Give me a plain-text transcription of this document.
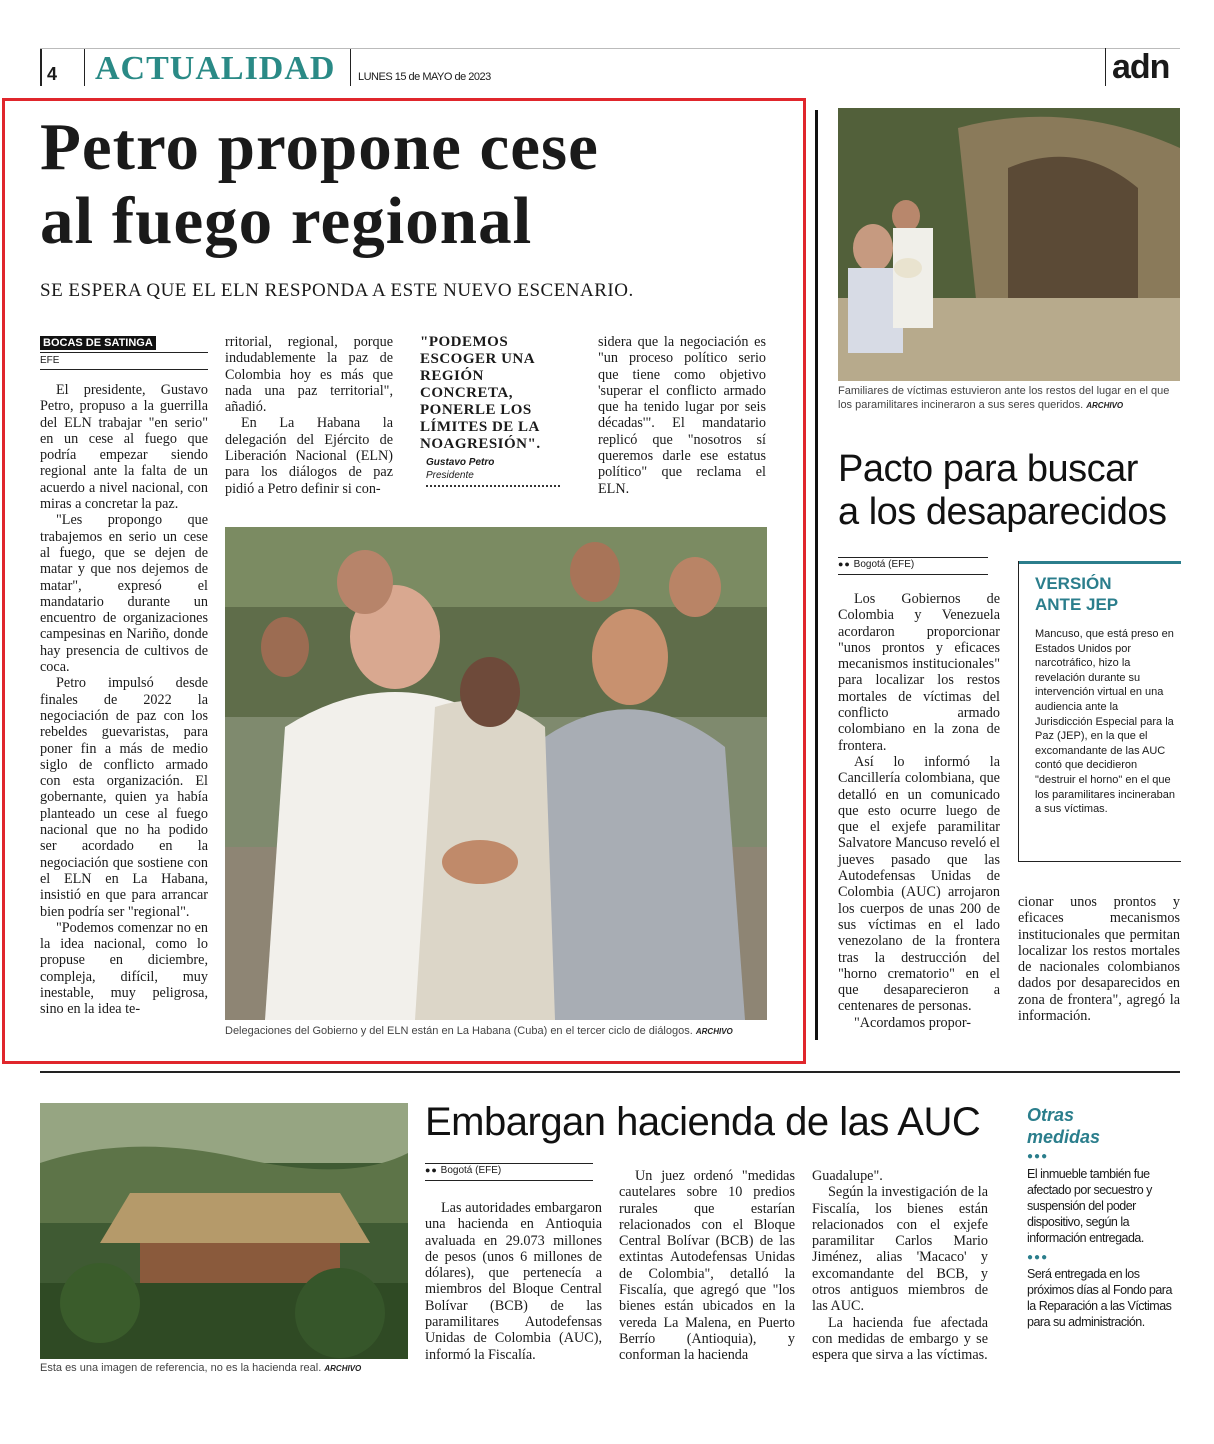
4 ACTUALIDAD LUNES 15 de MAYO de 2023	adn
Petro propone cese
al fuego regional
SE ESPERA QUE EL ELN RESPONDA A ESTE NUEVO ESCENARIO.
BOCAS DE SATINGA
EFE

El presidente, Gustavo Petro, propuso a la guerrilla del ELN trabajar "en serio" en un cese al fuego que podría empezar siendo regional ante la falta de un acuerdo a nivel nacional, con miras a concretar la paz.

"Les propongo que trabajemos en serio un cese al fuego, que se dejen de matar y que nos dejemos de matar", expresó el mandatario durante un encuentro de organizaciones campesinas en Nariño, donde hay presencia de cultivos de coca.

Petro impulsó desde finales de 2022 la negociación de paz con los rebeldes guevaristas, para poner fin a más de medio siglo de conflicto armado con esta organización. El gobernante, quien ya había planteado un cese al fuego nacional que no ha podido ser acordado en la negociación que sostiene con el ELN en La Habana, insistió en que para arrancar bien podría ser "regional".

"Podemos comenzar no en la idea nacional, como lo propuse en diciembre, compleja, difícil, muy inestable, muy peligrosa, sino en la idea te-

rritorial, regional, porque indudablemente la paz de Colombia hoy es más que nada una paz territorial", añadió.

En La Habana la delegación del Ejército de Liberación Nacional (ELN) para los diálogos de paz pidió a Petro definir si con-

"PODEMOS ESCOGER UNA REGIÓN CONCRETA, PONERLE LOS LÍMITES DE LA NOAGRESIÓN".
Gustavo Petro
Presidente

sidera que la negociación es "un proceso político serio que tiene como objetivo 'superar el conflicto armado que ha tenido lugar por seis décadas'". El mandatario replicó que "nosotros sí queremos darle ese estatus político" que reclama el ELN.

Delegaciones del Gobierno y del ELN están en La Habana (Cuba) en el tercer ciclo de diálogos. ARCHIVO
Familiares de víctimas estuvieron ante los restos del lugar en el que los paramilitares incineraron a sus seres queridos. ARCHIVO
Pacto para buscar
a los desaparecidos
●● Bogotá (EFE)

Los Gobiernos de Colombia y Venezuela acordaron proporcionar "unos prontos y eficaces mecanismos institucionales" para localizar los restos mortales de víctimas del conflicto armado colombiano en la zona de frontera.

Así lo informó la Cancillería colombiana, que detalló en un comunicado que esto ocurre luego de que el exjefe paramilitar Salvatore Mancuso reveló el jueves pasado que las Autodefensas Unidas de Colombia (AUC) arrojaron los cuerpos de unas 200 de sus víctimas en el lado venezolano de la frontera tras la destrucción del "horno crematorio" en el que desaparecieron a centenares de personas.

"Acordamos propor-

VERSIÓN
ANTE JEP
Mancuso, que está preso en Estados Unidos por narcotráfico, hizo la revelación durante su intervención virtual en una audiencia ante la Jurisdicción Especial para la Paz (JEP), en la que el excomandante de las AUC contó que decidieron "destruir el horno" en el que los paramilitares incineraban a sus víctimas.

cionar unos prontos y eficaces mecanismos institucionales que permitan localizar los restos mortales de nacionales colombianos dados por desaparecidos en zona de frontera", agregó la información.

Esta es una imagen de referencia, no es la hacienda real. ARCHIVO
Embargan hacienda de las AUC
●● Bogotá (EFE)

Las autoridades embargaron una hacienda en Antioquia avaluada en 29.073 millones de pesos (unos 6 millones de dólares), que pertenecía a miembros del Bloque Central Bolívar (BCB) de las paramilitares Autodefensas Unidas de Colombia (AUC), informó la Fiscalía.

Un juez ordenó "medidas cautelares sobre 10 predios rurales que estarían relacionados con el Bloque Central Bolívar (BCB) de las extintas Autodefensas Unidas de Colombia", detalló la Fiscalía, que agregó que "los bienes están ubicados en la vereda La Malena, en Puerto Berrío (Antioquia), y conforman la hacienda

Guadalupe".

Según la investigación de la Fiscalía, los bienes están relacionados con el exjefe paramilitar Carlos Mario Jiménez, alias 'Macaco' y excomandante del BCB, y otros antiguos miembros de las AUC.

La hacienda fue afectada con medidas de embargo y se espera que sirva a las víctimas.

Otras
medidas
●●●
El inmueble también fue afectado por secuestro y suspensión del poder dispositivo, según la información entregada.
●●●
Será entregada en los próximos días al Fondo para la Reparación a las Víctimas para su administración.
